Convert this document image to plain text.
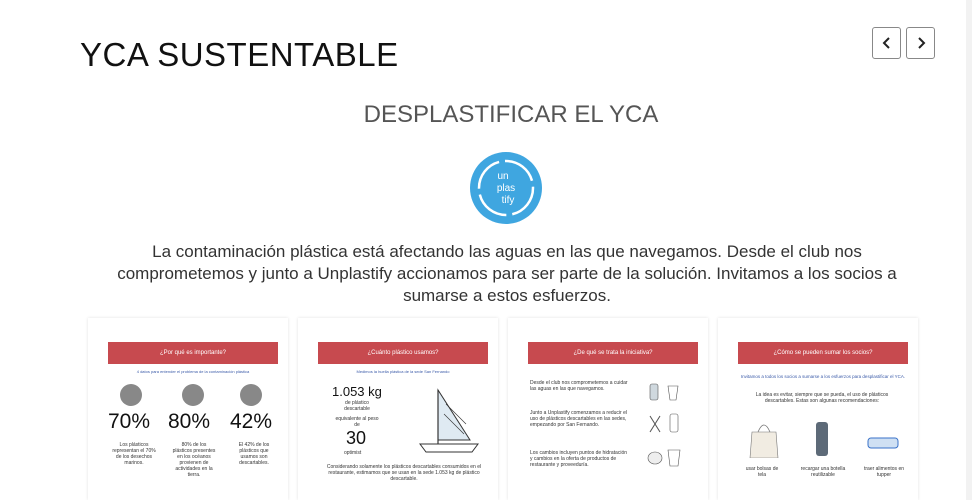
YCA SUSTENTABLE
DESPLASTIFICAR EL YCA
un
plas
tify

La contaminación plástica está afectando las aguas en las que navegamos. Desde el club nos comprometemos y junto a Unplastify accionamos para ser parte de la solución. Invitamos a los socios a sumarse a estos esfuerzos.

¿Por qué es importante?
4 datos para entender el problema de la contaminación plástica
70% 80% 42%
Los plásticos representan el 70% de los desechos marinos.
80% de los plásticos presentes en los océanos provienen de actividades en la tierra.
El 42% de los plásticos que usamos son descartables.
¿Cuánto plástico usamos?
Medimos la huella plástica de la sede San Fernando
1.053 kg
de plástico descartable
equivalente al peso de
30
optimist
Considerando solamente los plásticos descartables consumidos en el restaurante, estimamos que se usan en la sede 1.053 kg de plástico descartable.
¿De qué se trata la iniciativa?
Desde el club nos comprometemos a cuidar las aguas en las que navegamos.
Junto a Unplastify comenzamos a reducir el uso de plásticos descartables en las sedes, empezando por San Fernando.
Los cambios incluyen puntos de hidratación y cambios en la oferta de productos de restaurante y proveeduría.
¿Cómo se pueden sumar los socios?
Invitamos a todos los socios a sumarse a los esfuerzos para desplastificar el YCA.
La idea es evitar, siempre que se pueda, el uso de plásticos descartables. Estas son algunas recomendaciones:
usar bolsas de tela
recargar una botella reutilizable
traer alimentos en tupper
